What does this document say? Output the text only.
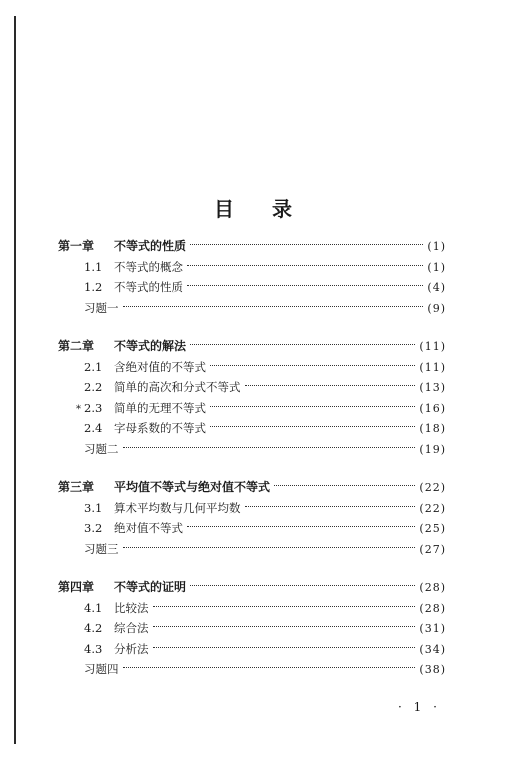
目录
第一章	不等式的性质	(1)
1.1	不等式的概念	(1)
1.2	不等式的性质	(4)
习题一	(9)
第二章	不等式的解法	(11)
2.1	含绝对值的不等式	(11)
2.2	简单的高次和分式不等式	(13)
* 2.3	简单的无理不等式	(16)
2.4	字母系数的不等式	(18)
习题二	(19)
第三章	平均值不等式与绝对值不等式	(22)
3.1	算术平均数与几何平均数	(22)
3.2	绝对值不等式	(25)
习题三	(27)
第四章	不等式的证明	(28)
4.1	比较法	(28)
4.2	综合法	(31)
4.3	分析法	(34)
习题四	(38)
· 1 ·
